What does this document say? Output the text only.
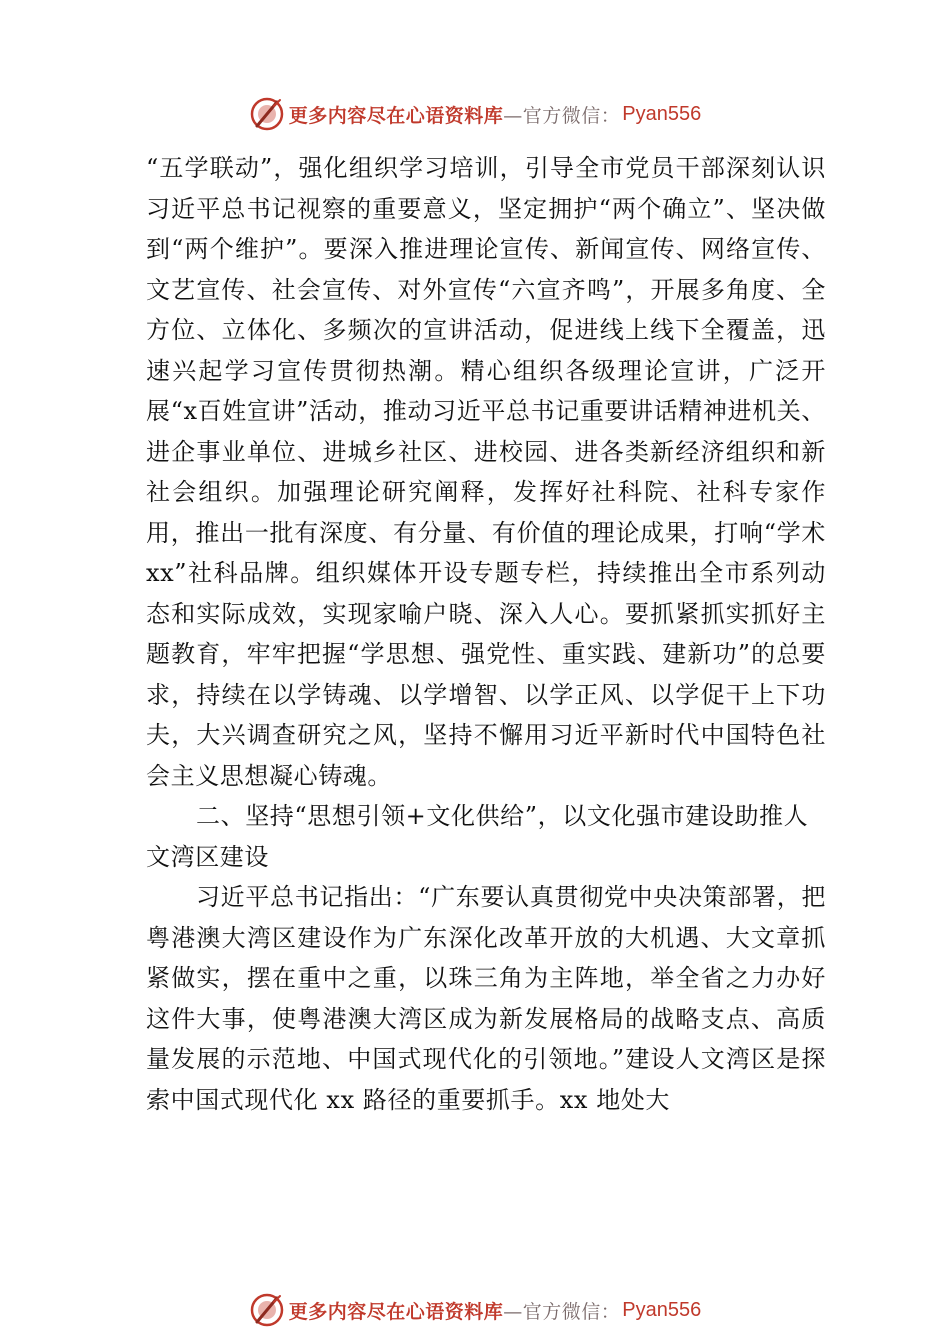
更多内容尽在心语资料库 —官方微信： Pyan556

“五学联动”，强化组织学习培训，引导全市党员干部深刻认识习近平总书记视察的重要意义，坚定拥护“两个确立”、坚决做到“两个维护”。要深入推进理论宣传、新闻宣传、网络宣传、文艺宣传、社会宣传、对外宣传“六宣齐鸣”，开展多角度、全方位、立体化、多频次的宣讲活动，促进线上线下全覆盖，迅速兴起学习宣传贯彻热潮。精心组织各级理论宣讲，广泛开展“x百姓宣讲”活动，推动习近平总书记重要讲话精神进机关、进企事业单位、进城乡社区、进校园、进各类新经济组织和新社会组织。加强理论研究阐释，发挥好社科院、社科专家作用，推出一批有深度、有分量、有价值的理论成果，打响“学术 xx”社科品牌。组织媒体开设专题专栏，持续推出全市系列动态和实际成效，实现家喻户晓、深入人心。要抓紧抓实抓好主题教育，牢牢把握“学思想、强党性、重实践、建新功”的总要求，持续在以学铸魂、以学增智、以学正风、以学促干上下功夫，大兴调查研究之风，坚持不懈用习近平新时代中国特色社会主义思想凝心铸魂。

二、坚持“思想引领+文化供给”，以文化强市建设助推人文湾区建设

习近平总书记指出：“广东要认真贯彻党中央决策部署，把粤港澳大湾区建设作为广东深化改革开放的大机遇、大文章抓紧做实，摆在重中之重，以珠三角为主阵地，举全省之力办好这件大事，使粤港澳大湾区成为新发展格局的战略支点、高质量发展的示范地、中国式现代化的引领地。”建设人文湾区是探索中国式现代化 xx 路径的重要抓手。xx 地处大

更多内容尽在心语资料库 —官方微信： Pyan556
